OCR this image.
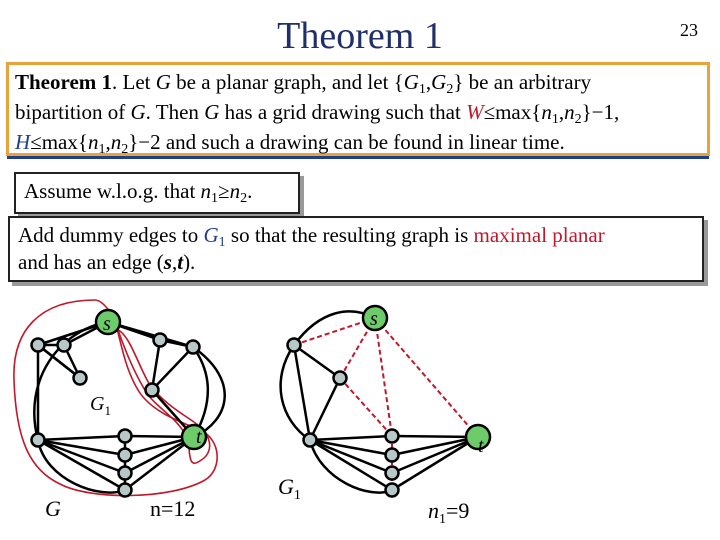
Theorem 1	23
Theorem 1. Let G be a planar graph, and let $\{G_1,G_2\}$ be an arbitrary
bipartition of G. Then G has a grid drawing such that $W\le\max\{n_1,n_2\}-1$,
$H\le\max\{n_1,n_2\}-2$ and such a drawing can be found in linear time.
Assume w.l.o.g. that $n_1\ge n_2$.
Add dummy edges to $G_1$ so that the resulting graph is maximal planar
and has an edge (s,t).
s
t
$G_1$
G	n=12
s
t
$G_1$
$n_1=9$
